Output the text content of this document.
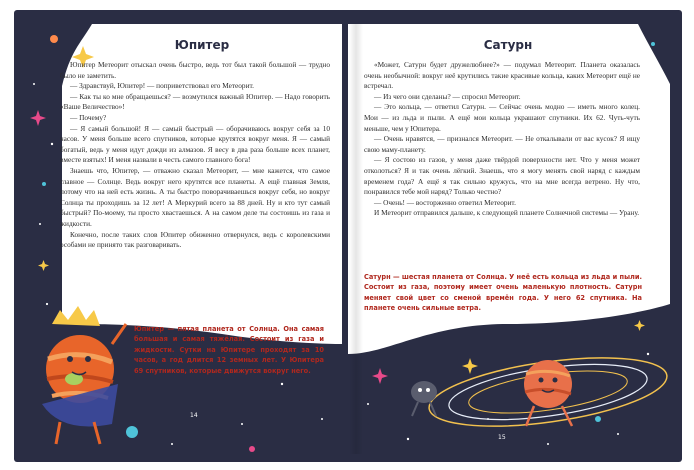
Юпитер

Юпитер Метеорит отыскал очень быстро, ведь тот был такой большой — трудно было не заметить.

— Здравствуй, Юпитер! — поприветствовал его Метеорит.

— Как ты ко мне обращаешься? — возмутился важный Юпитер. — Надо говорить «Ваше Величество»!

— Почему?

— Я самый большой! Я — самый быстрый — оборачиваюсь вокруг себя за 10 часов. У меня больше всего спутников, которые крутятся вокруг меня. Я — самый богатый, ведь у меня идут дожди из алмазов. Я весу в два раза больше всех планет, вместе взятых! И меня назвали в честь самого главного бога!

Знаешь что, Юпитер, — отважно сказал Метеорит, — мне кажется, что самое главное — Солнце. Ведь вокруг него крутятся все планеты. А ещё главная Земля, потому что на ней есть жизнь. А ты быстро поворачиваешься вокруг себя, но вокруг Солнца ты проходишь за 12 лет! А Меркурий всего за 88 дней. Ну и кто тут самый быстрый? По-моему, ты просто хвастаешься. А на самом деле ты состоишь из газа и жидкости.

Конечно, после таких слов Юпитер обиженно отвернулся, ведь с королевскими особами не принято так разговаривать.

Юпитер — пятая планета от Солнца. Она самая большая и самая тяжёлая. Состоит из газа и жидкости. Сутки на Юпитере проходят за 10 часов, а год длится 12 земных лет. У Юпитера 69 спутников, которые движутся вокруг него.
14
Сатурн

«Может, Сатурн будет дружелюбнее?» — подумал Метеорит. Планета оказалась очень необычной: вокруг неё крутились такие красивые кольца, каких Метеорит ещё не встречал.

— Из чего они сделаны? — спросил Метеорит.

— Это кольца, — ответил Сатурн. — Сейчас очень модно — иметь много колец. Мои — из льда и пыли. А ещё мои кольца украшают спутники. Их 62. Чуть-чуть меньше, чем у Юпитера.

— Очень нравятся, — признался Метеорит. — Не откалывали от вас кусок? Я ищу свою маму-планету.

— Я состою из газов, у меня даже твёрдой поверхности нет. Что у меня может отколоться? Я и так очень лёгкий. Знаешь, что я могу менять свой наряд с каждым временем года? А ещё я так сильно кружусь, что на мне всегда ветрено. Ну что, понравился тебе мой наряд? Только честно?

— Очень! — восторженно ответил Метеорит.

И Метеорит отправился дальше, к следующей планете Солнечной системы — Урану.

Сатурн — шестая планета от Солнца. У неё есть кольца из льда и пыли. Состоит из газа, поэтому имеет очень маленькую плотность. Сатурн меняет свой цвет со сменой времён года. У него 62 спутника. На планете очень сильные ветра.
15
